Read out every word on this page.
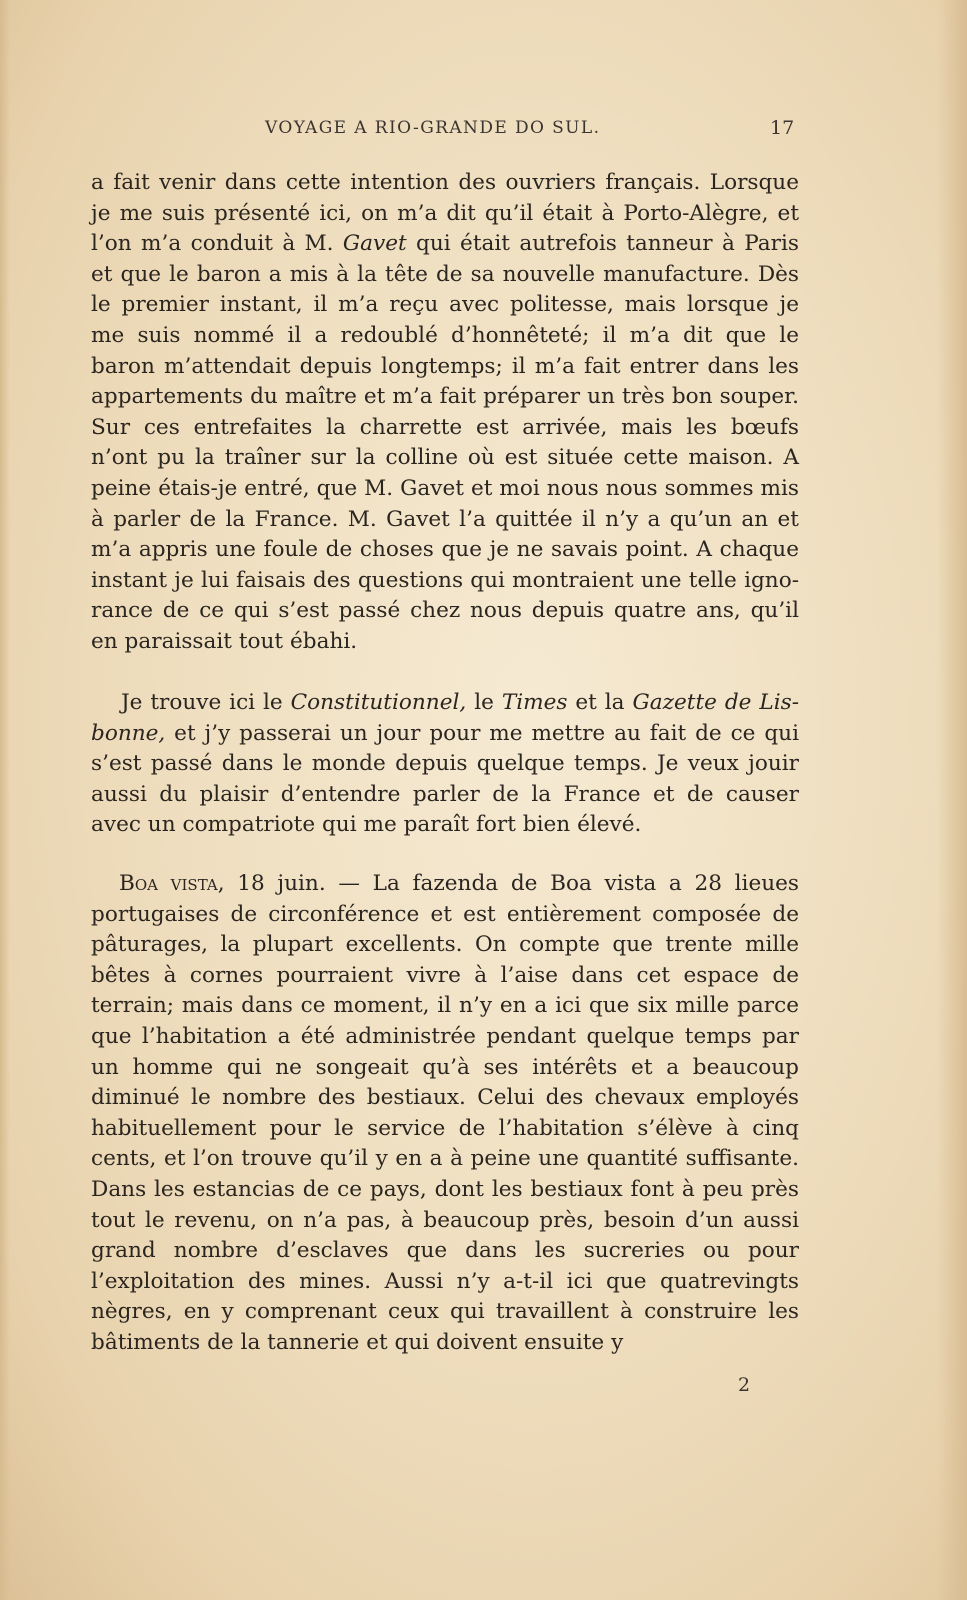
VOYAGE A RIO-GRANDE DO SUL.	17

a fait venir dans cette intention des ouvriers français. Lorsque je me suis présenté ici, on m’a dit qu’il était à Porto-Alègre, et l’on m’a conduit à M. Gavet qui était autrefois tanneur à Paris et que le baron a mis à la tête de sa nouvelle manufacture. Dès le premier instant, il m’a reçu avec politesse, mais lorsque je me suis nommé il a redoublé d’honnêteté; il m’a dit que le baron m’attendait depuis longtemps; il m’a fait entrer dans les appartements du maître et m’a fait préparer un très bon souper. Sur ces entrefaites la charrette est arrivée, mais les bœufs n’ont pu la traîner sur la colline où est située cette maison. A peine étais-je entré, que M. Gavet et moi nous nous sommes mis à parler de la France. M. Gavet l’a quittée il n’y a qu’un an et m’a appris une foule de choses que je ne savais point. A chaque instant je lui faisais des questions qui montraient une telle ignorance de ce qui s’est passé chez nous depuis quatre ans, qu’il en paraissait tout ébahi.

Je trouve ici le Constitutionnel, le Times et la Gazette de Lisbonne, et j’y passerai un jour pour me mettre au fait de ce qui s’est passé dans le monde depuis quelque temps. Je veux jouir aussi du plaisir d’entendre parler de la France et de causer avec un compatriote qui me paraît fort bien élevé.

Boa vista, 18 juin. — La fazenda de Boa vista a 28 lieues portugaises de circonférence et est entièrement composée de pâturages, la plupart excellents. On compte que trente mille bêtes à cornes pourraient vivre à l’aise dans cet espace de terrain; mais dans ce moment, il n’y en a ici que six mille parce que l’habitation a été administrée pendant quelque temps par un homme qui ne songeait qu’à ses intérêts et a beaucoup diminué le nombre des bestiaux. Celui des chevaux employés habituellement pour le service de l’habitation s’élève à cinq cents, et l’on trouve qu’il y en a à peine une quantité suffisante. Dans les estancias de ce pays, dont les bestiaux font à peu près tout le revenu, on n’a pas, à beaucoup près, besoin d’un aussi grand nombre d’esclaves que dans les sucreries ou pour l’exploitation des mines. Aussi n’y a-t-il ici que quatrevingts nègres, en y comprenant ceux qui travaillent à construire les bâtiments de la tannerie et qui doivent ensuite y

2
